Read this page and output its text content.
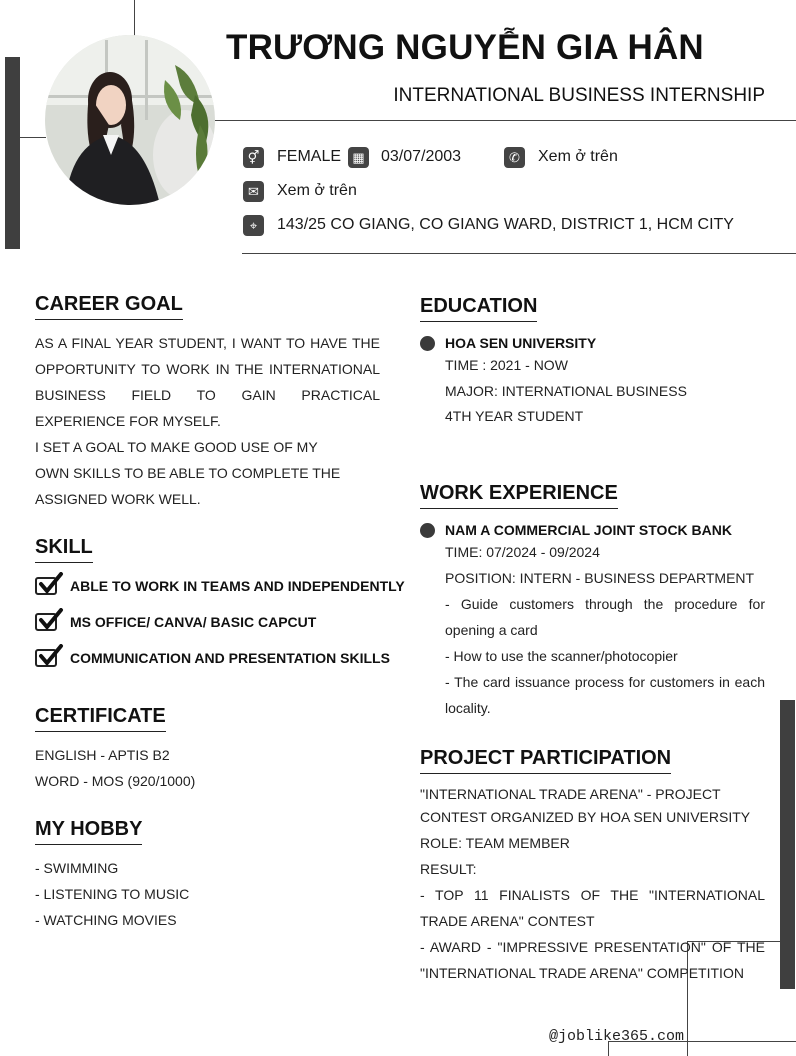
TRƯƠNG NGUYỄN GIA HÂN
INTERNATIONAL BUSINESS INTERNSHIP
⚥ FEMALE ▦ 03/07/2003	✆	Xem ở trên
✉	Xem ở trên
⌖	143/25 CO GIANG, CO GIANG WARD, DISTRICT 1, HCM CITY
CAREER GOAL
AS A FINAL YEAR STUDENT, I WANT TO HAVE THE OPPORTUNITY TO WORK IN THE INTERNATIONAL BUSINESS FIELD TO GAIN PRACTICAL EXPERIENCE FOR MYSELF.
I SET A GOAL TO MAKE GOOD USE OF MY OWN SKILLS TO BE ABLE TO COMPLETE THE ASSIGNED WORK WELL.
SKILL
ABLE TO WORK IN TEAMS AND INDEPENDENTLY
MS OFFICE/ CANVA/ BASIC CAPCUT
COMMUNICATION AND PRESENTATION SKILLS
CERTIFICATE
ENGLISH - APTIS B2
WORD - MOS (920/1000)
MY HOBBY
- SWIMMING
- LISTENING TO MUSIC
- WATCHING MOVIES
EDUCATION
HOA SEN UNIVERSITY
TIME : 2021 - NOW
MAJOR: INTERNATIONAL BUSINESS
4TH YEAR STUDENT
WORK EXPERIENCE
NAM A COMMERCIAL JOINT STOCK BANK
TIME: 07/2024 - 09/2024
POSITION: INTERN - BUSINESS DEPARTMENT
- Guide customers through the procedure for opening a card
- How to use the scanner/photocopier
- The card issuance process for customers in each locality.
PROJECT PARTICIPATION
"INTERNATIONAL TRADE ARENA" - PROJECT CONTEST ORGANIZED BY HOA SEN UNIVERSITY
ROLE: TEAM MEMBER
RESULT:
- TOP 11 FINALISTS OF THE "INTERNATIONAL TRADE ARENA" CONTEST
- AWARD - "IMPRESSIVE PRESENTATION" OF THE "INTERNATIONAL TRADE ARENA" COMPETITION
@joblike365.com
